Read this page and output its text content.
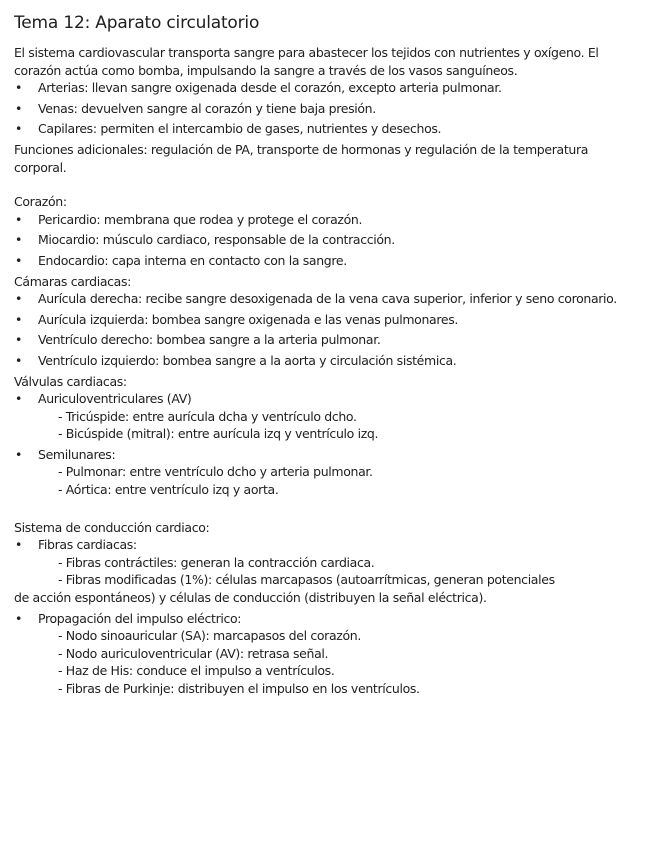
Tema 12: Aparato circulatorio

El sistema cardiovascular transporta sangre para abastecer los tejidos con nutrientes y oxígeno. El corazón actúa como bomba, impulsando la sangre a través de los vasos sanguíneos.

• Arterias: llevan sangre oxigenada desde el corazón, excepto arteria pulmonar.
• Venas: devuelven sangre al corazón y tiene baja presión.
• Capilares: permiten el intercambio de gases, nutrientes y desechos.

Funciones adicionales: regulación de PA, transporte de hormonas y regulación de la temperatura corporal.

Corazón:

• Pericardio: membrana que rodea y protege el corazón.
• Miocardio: músculo cardiaco, responsable de la contracción.
• Endocardio: capa interna en contacto con la sangre.

Cámaras cardiacas:

• Aurícula derecha: recibe sangre desoxigenada de la vena cava superior, inferior y seno coronario.
• Aurícula izquierda: bombea sangre oxigenada e las venas pulmonares.
• Ventrículo derecho: bombea sangre a la arteria pulmonar.
• Ventrículo izquierdo: bombea sangre a la aorta y circulación sistémica.

Válvulas cardiacas:

• Auriculoventriculares (AV)

- Tricúspide: entre aurícula dcha y ventrículo dcho.

- Bicúspide (mitral): entre aurícula izq y ventrículo izq.

• Semilunares:

- Pulmonar: entre ventrículo dcho y arteria pulmonar.

- Aórtica: entre ventrículo izq y aorta.

Sistema de conducción cardiaco:

• Fibras cardiacas:

- Fibras contráctiles: generan la contracción cardiaca.

- Fibras modificadas (1%): células marcapasos (autoarrítmicas, generan potenciales

de acción espontáneos) y células de conducción (distribuyen la señal eléctrica).

• Propagación del impulso eléctrico:

- Nodo sinoauricular (SA): marcapasos del corazón.

- Nodo auriculoventricular (AV): retrasa señal.

- Haz de His: conduce el impulso a ventrículos.

- Fibras de Purkinje: distribuyen el impulso en los ventrículos.
